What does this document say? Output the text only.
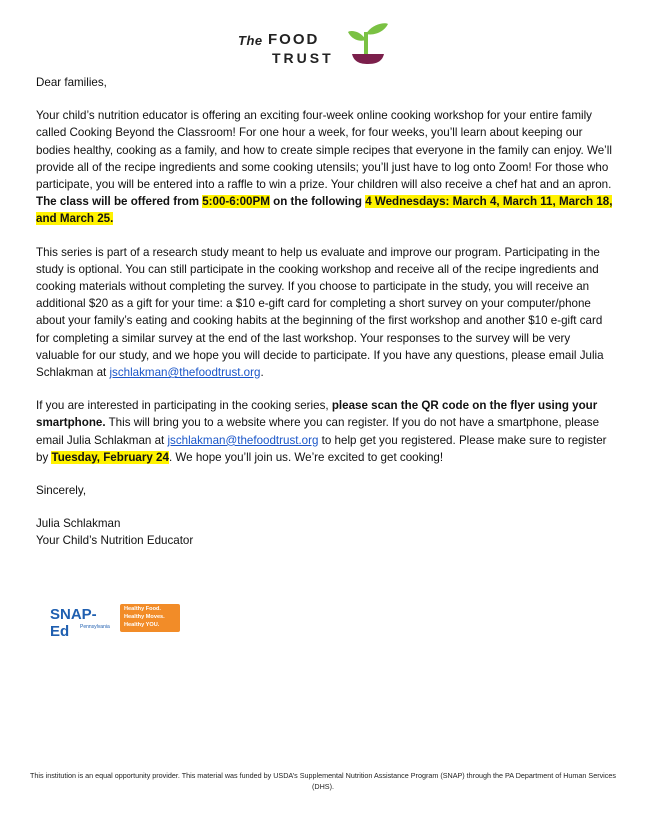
The FOOD
TRUST

Dear families,

Your child’s nutrition educator is offering an exciting four-week online cooking workshop for your entire family called Cooking Beyond the Classroom! For one hour a week, for four weeks, you’ll learn about keeping our bodies healthy, cooking as a family, and how to create simple recipes that everyone in the family can enjoy. We’ll provide all of the recipe ingredients and some cooking utensils; you’ll just have to log onto Zoom! For those who participate, you will be entered into a raffle to win a prize. Your children will also receive a chef hat and an apron. The class will be offered from 5:00-6:00PM on the following 4 Wednesdays: March 4, March 11, March 18, and March 25.

This series is part of a research study meant to help us evaluate and improve our program. Participating in the study is optional. You can still participate in the cooking workshop and receive all of the recipe ingredients and cooking materials without completing the survey. If you choose to participate in the study, you will receive an additional $20 as a gift for your time: a $10 e-gift card for completing a short survey on your computer/phone about your family’s eating and cooking habits at the beginning of the first workshop and another $10 e-gift card for completing a similar survey at the end of the last workshop. Your responses to the survey will be very valuable for our study, and we hope you will decide to participate. If you have any questions, please email Julia Schlakman at jschlakman@thefoodtrust.org.

If you are interested in participating in the cooking series, please scan the QR code on the flyer using your smartphone. This will bring you to a website where you can register. If you do not have a smartphone, please email Julia Schlakman at jschlakman@thefoodtrust.org to help get you registered. Please make sure to register by Tuesday, February 24. We hope you’ll join us. We’re excited to get cooking!

Sincerely,

Julia Schlakman

Your Child’s Nutrition Educator

SNAP-Ed	Pennsylvania
Healthy Food.
Healthy Moves.
Healthy YOU.
This institution is an equal opportunity provider. This material was funded by USDA’s Supplemental Nutrition Assistance Program (SNAP) through the PA Department of Human Services (DHS).
